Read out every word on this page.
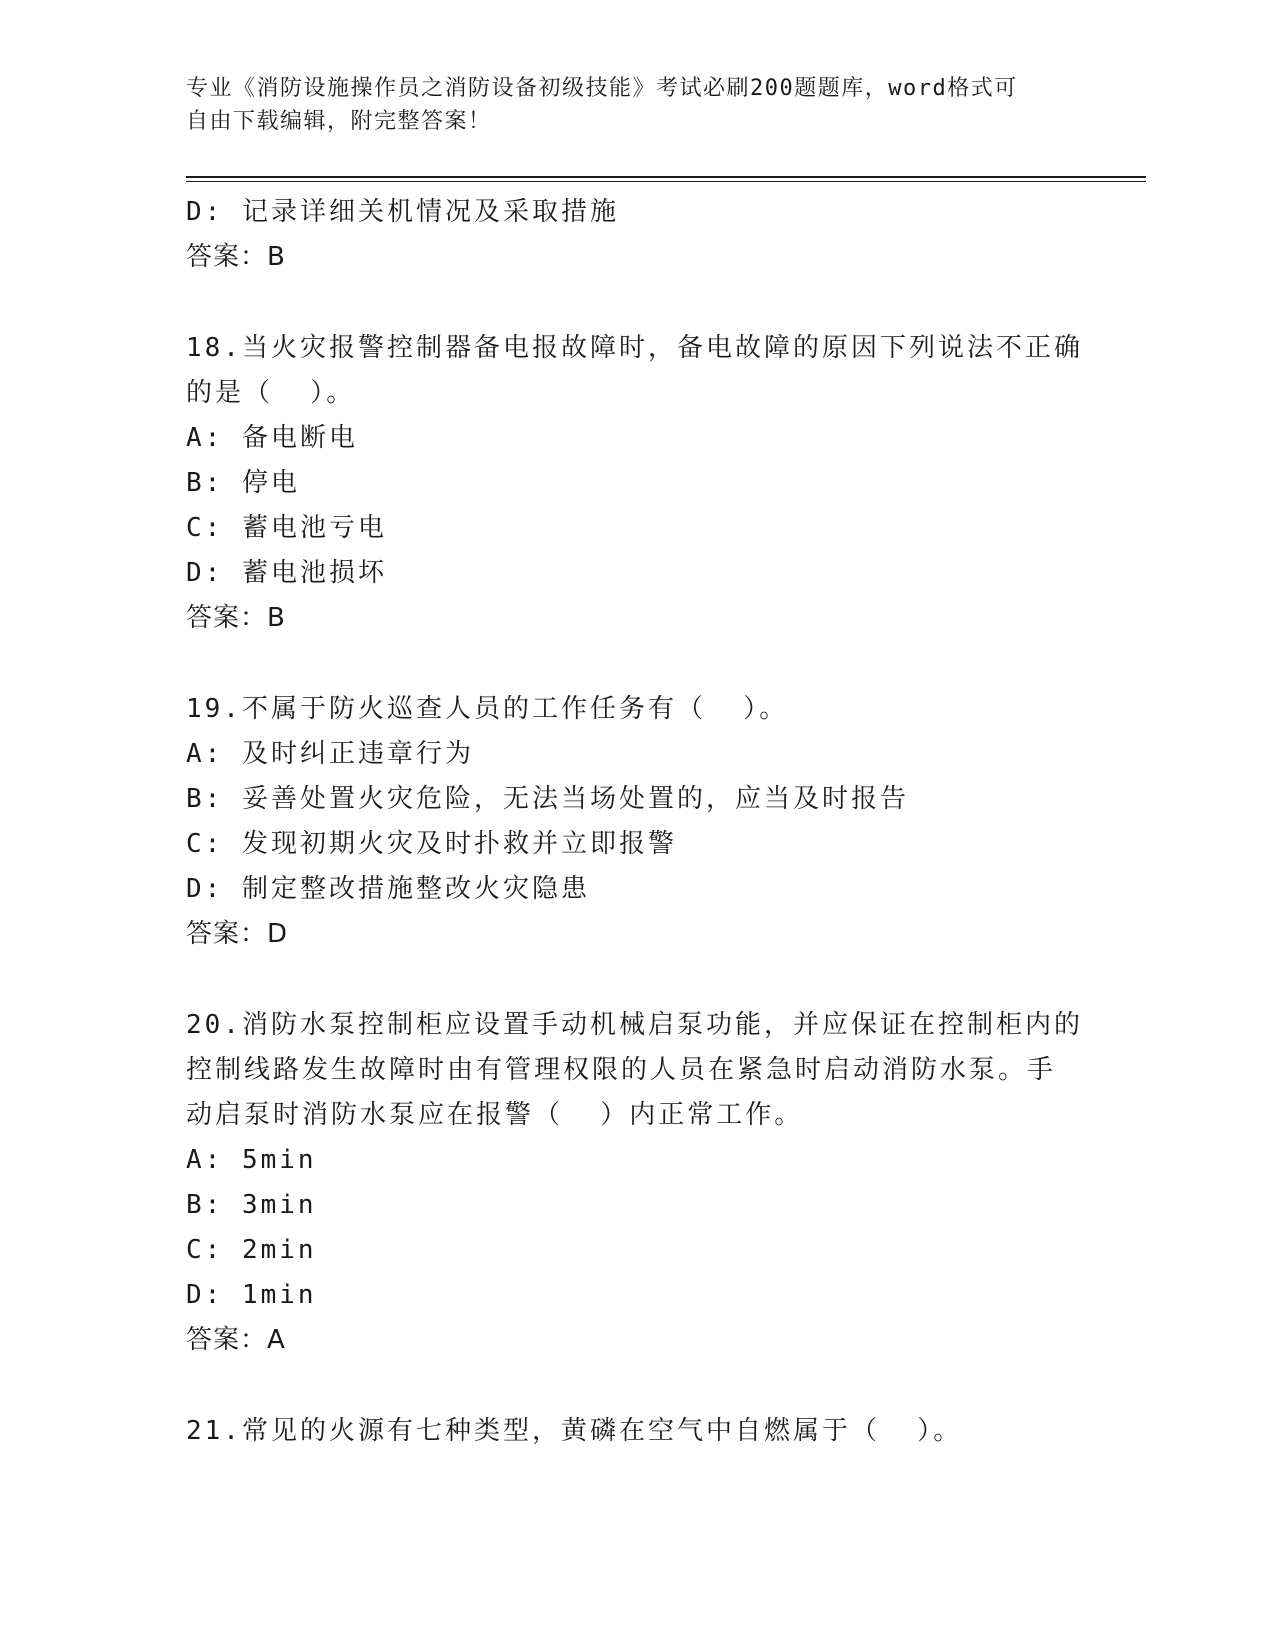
专业《消防设施操作员之消防设备初级技能》考试必刷200题题库，word格式可
自由下载编辑，附完整答案！
D: 记录详细关机情况及采取措施
答案：B
18.当火灾报警控制器备电报故障时，备电故障的原因下列说法不正确
的是（  ）。
A: 备电断电
B: 停电
C: 蓄电池亏电
D: 蓄电池损坏
答案：B
19.不属于防火巡查人员的工作任务有（  ）。
A: 及时纠正违章行为
B: 妥善处置火灾危险，无法当场处置的，应当及时报告
C: 发现初期火灾及时扑救并立即报警
D: 制定整改措施整改火灾隐患
答案：D
20.消防水泵控制柜应设置手动机械启泵功能，并应保证在控制柜内的
控制线路发生故障时由有管理权限的人员在紧急时启动消防水泵。手
动启泵时消防水泵应在报警（  ）内正常工作。
A: 5min
B: 3min
C: 2min
D: 1min
答案：A
21.常见的火源有七种类型，黄磷在空气中自燃属于（  ）。
